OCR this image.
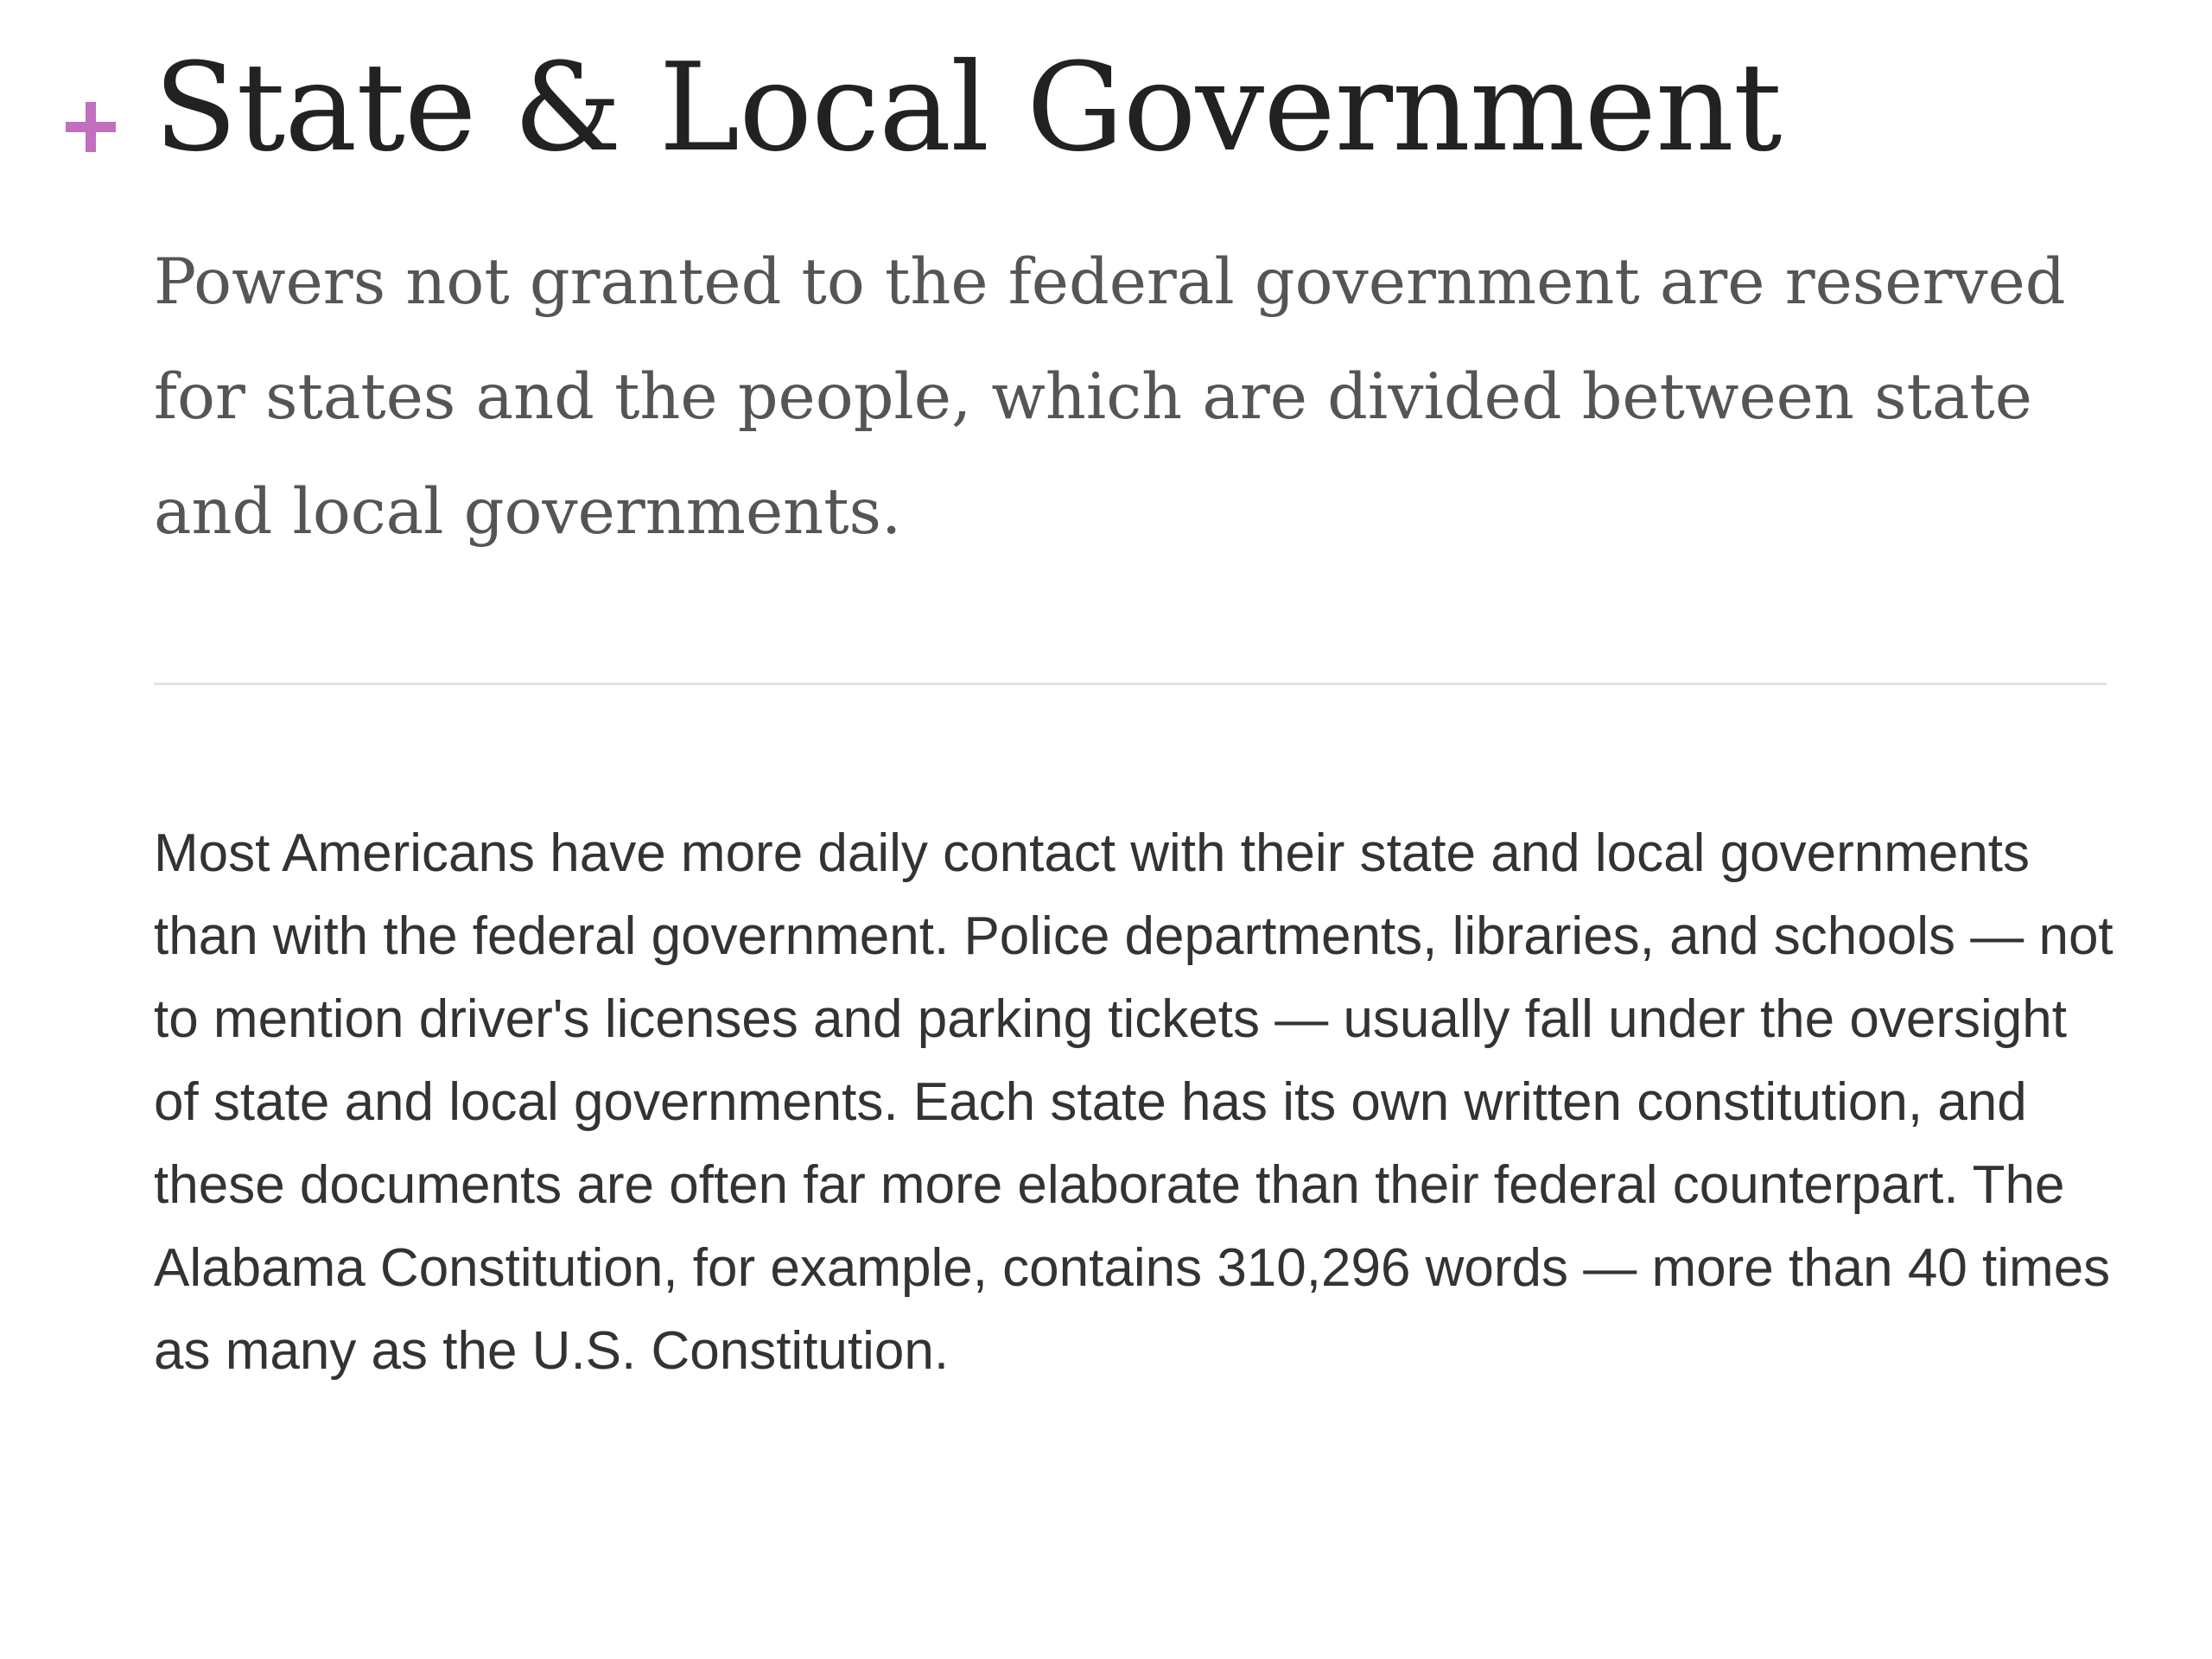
State & Local Government

Powers not granted to the federal government are reserved for states and the people, which are divided between state and local governments.

Most Americans have more daily contact with their state and local governments than with the federal government. Police departments, libraries, and schools — not to mention driver's licenses and parking tickets — usually fall under the oversight of state and local governments. Each state has its own written constitution, and these documents are often far more elaborate than their federal counterpart. The Alabama Constitution, for example, contains 310,296 words — more than 40 times as many as the U.S. Constitution.
